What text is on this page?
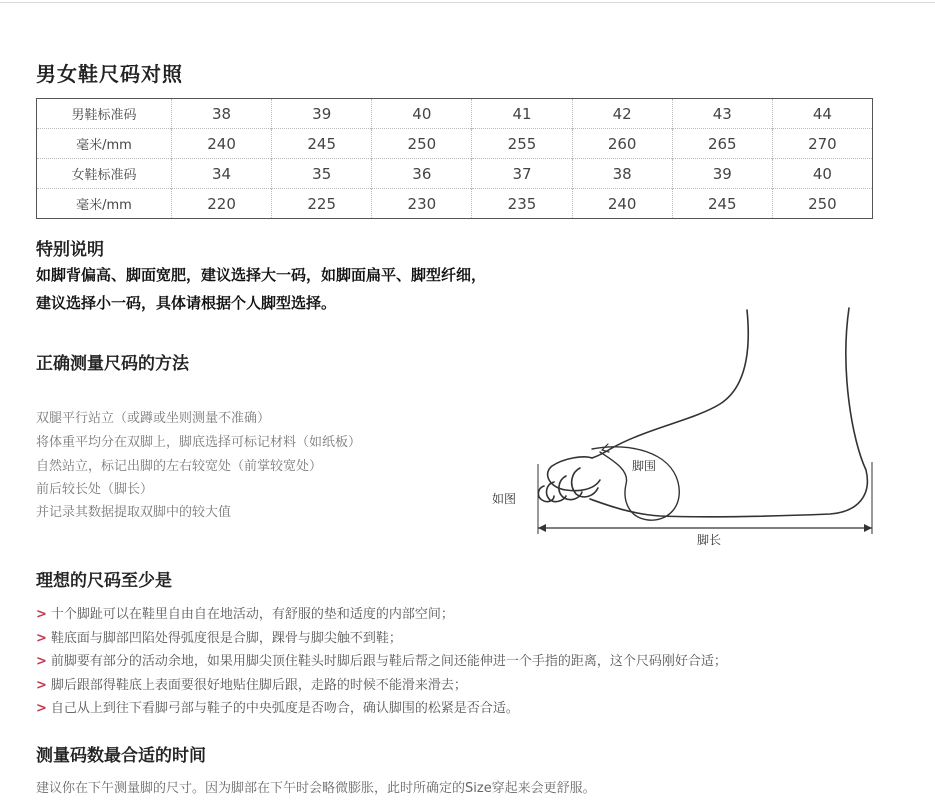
男女鞋尺码对照
男鞋标准码	38	39	40	41	42	43	44
毫米/mm	240	245	250	255	260	265	270
女鞋标准码	34	35	36	37	38	39	40
毫米/mm	220	225	230	235	240	245	250
特别说明
如脚背偏高、脚面宽肥，建议选择大一码，如脚面扁平、脚型纤细，
建议选择小一码，具体请根据个人脚型选择。
正确测量尺码的方法
双腿平行站立（或蹲或坐则测量不准确）
将体重平均分在双脚上，脚底选择可标记材料（如纸板）
自然站立，标记出脚的左右较宽处（前掌较宽处）
前后较长处（脚长）
并记录其数据提取双脚中的较大值
脚围
如图
脚长
理想的尺码至少是
> 十个脚趾可以在鞋里自由自在地活动，有舒服的垫和适度的内部空间；
> 鞋底面与脚部凹陷处得弧度很是合脚，踝骨与脚尖触不到鞋；
> 前脚要有部分的活动余地，如果用脚尖顶住鞋头时脚后跟与鞋后帮之间还能伸进一个手指的距离，这个尺码刚好合适；
> 脚后跟部得鞋底上表面要很好地贴住脚后跟，走路的时候不能滑来滑去；
> 自己从上到往下看脚弓部与鞋子的中央弧度是否吻合，确认脚围的松紧是否合适。
测量码数最合适的时间
建议你在下午测量脚的尺寸。因为脚部在下午时会略微膨胀，此时所确定的Size穿起来会更舒服。
